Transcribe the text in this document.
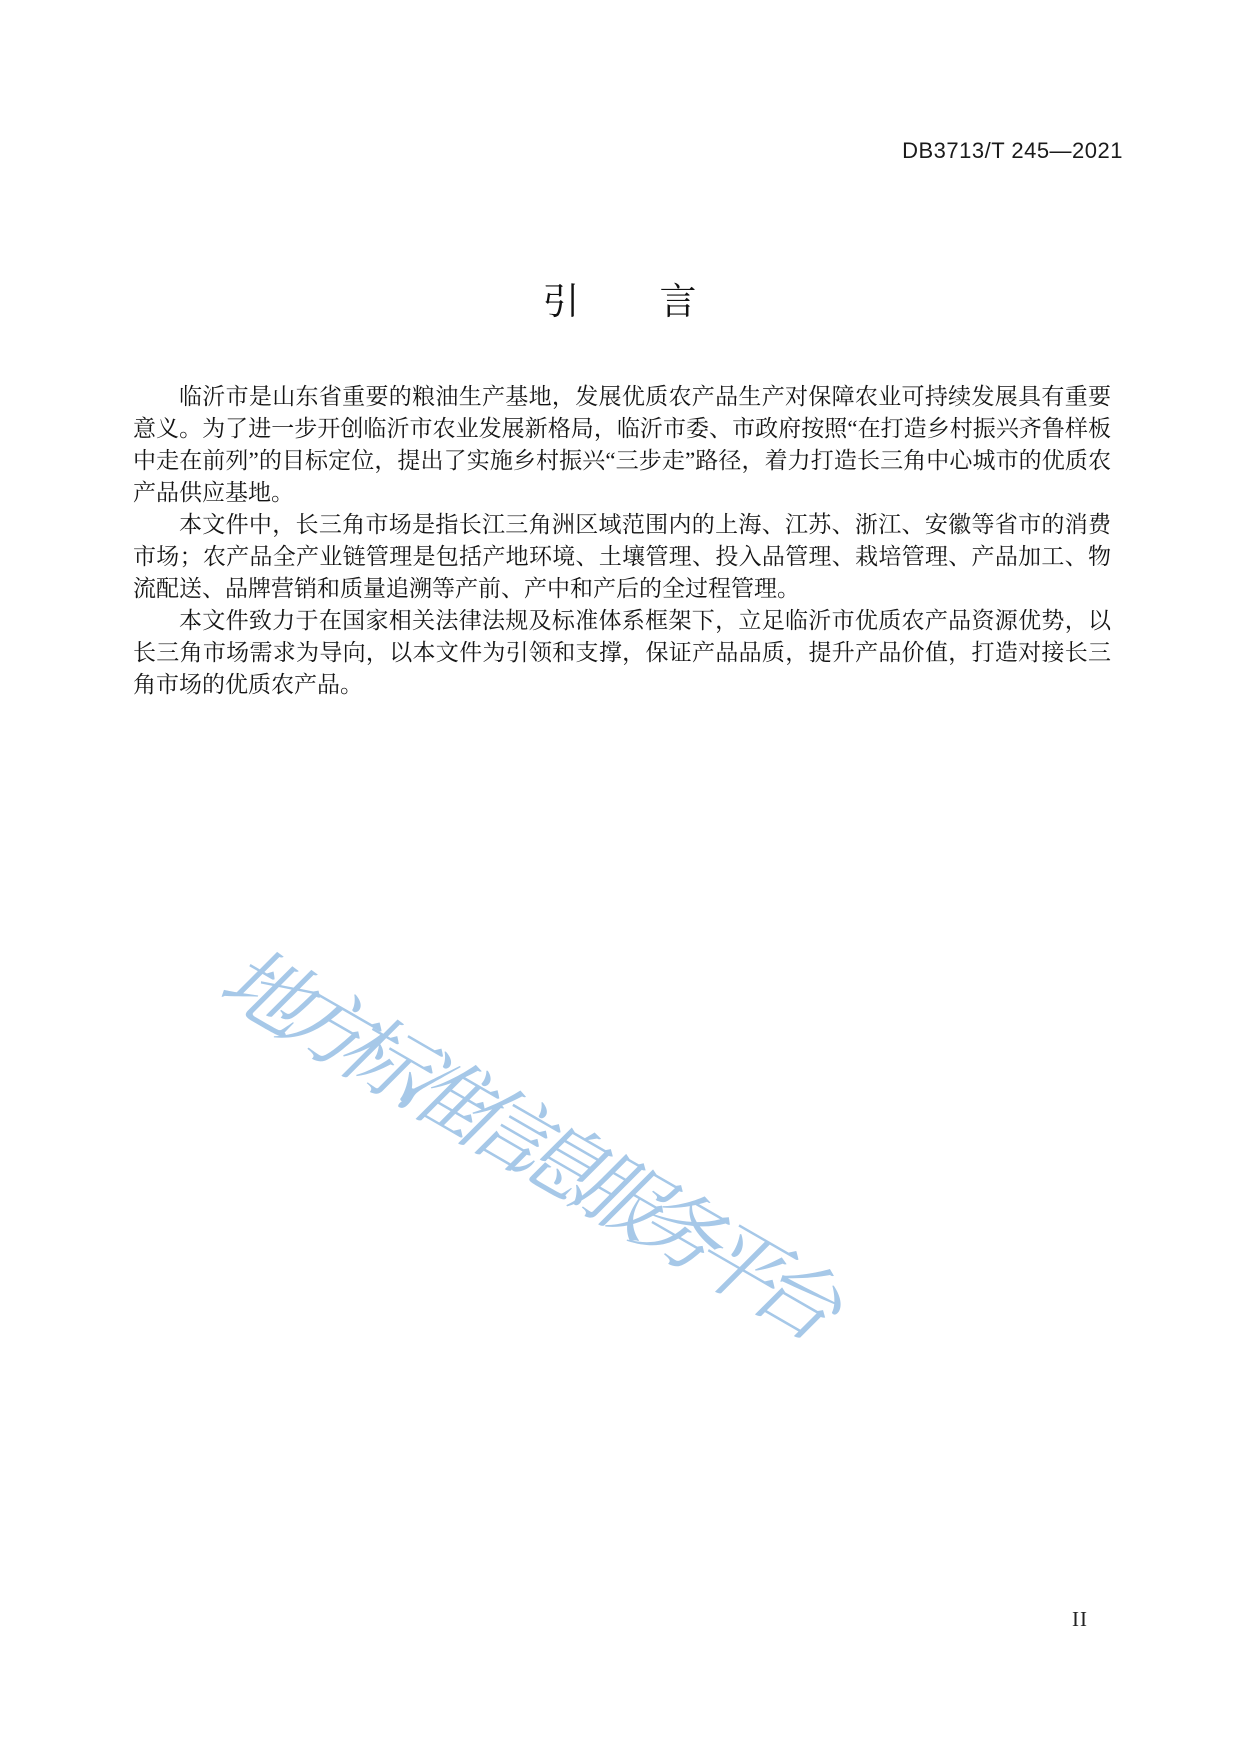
DB3713/T 245—2021
引　　言

临沂市是山东省重要的粮油生产基地，发展优质农产品生产对保障农业可持续发展具有重要意义。为了进一步开创临沂市农业发展新格局，临沂市委、市政府按照“在打造乡村振兴齐鲁样板中走在前列”的目标定位，提出了实施乡村振兴“三步走”路径，着力打造长三角中心城市的优质农产品供应基地。

本文件中，长三角市场是指长江三角洲区域范围内的上海、江苏、浙江、安徽等省市的消费市场；农产品全产业链管理是包括产地环境、土壤管理、投入品管理、栽培管理、产品加工、物流配送、品牌营销和质量追溯等产前、产中和产后的全过程管理。

本文件致力于在国家相关法律法规及标准体系框架下，立足临沂市优质农产品资源优势，以长三角市场需求为导向，以本文件为引领和支撑，保证产品品质，提升产品价值，打造对接长三角市场的优质农产品。

地方标准信息服务平台
II
